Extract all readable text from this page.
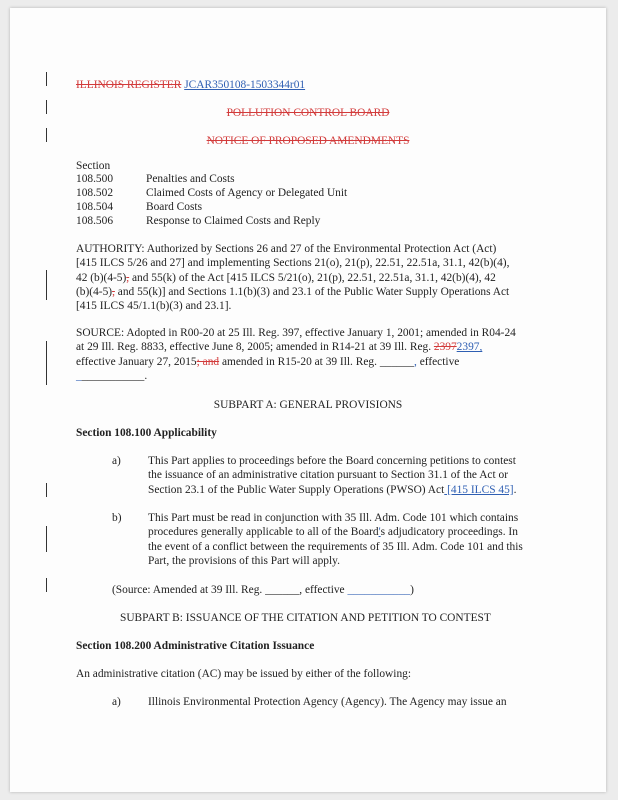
ILLINOIS REGISTER JCAR350108-1503344r01
POLLUTION CONTROL BOARD
NOTICE OF PROPOSED AMENDMENTS
Section
108.500	Penalties and Costs
108.502	Claimed Costs of Agency or Delegated Unit
108.504	Board Costs
108.506	Response to Claimed Costs and Reply
AUTHORITY: Authorized by Sections 26 and 27 of the Environmental Protection Act (Act)
[415 ILCS 5/26 and 27] and implementing Sections 21(o), 21(p), 22.51, 22.51a, 31.1, 42(b)(4),
42 (b)(4-5), and 55(k) of the Act [415 ILCS 5/21(o), 21(p), 22.51, 22.51a, 31.1, 42(b)(4), 42
(b)(4-5), and 55(k)] and Sections 1.1(b)(3) and 23.1 of the Public Water Supply Operations Act
[415 ILCS 45/1.1(b)(3) and 23.1].
SOURCE: Adopted in R00-20 at 25 Ill. Reg. 397, effective January 1, 2001; amended in R04-24
at 29 Ill. Reg. 8833, effective June 8, 2005; amended in R14-21 at 39 Ill. Reg. 23972397,
effective January 27, 2015; and amended in R15-20 at 39 Ill. Reg. ______, effective
____________.
SUBPART A: GENERAL PROVISIONS
Section 108.100 Applicability
a) This Part applies to proceedings before the Board concerning petitions to contest
the issuance of an administrative citation pursuant to Section 31.1 of the Act or
Section 23.1 of the Public Water Supply Operations (PWSO) Act [415 ILCS 45].
b) This Part must be read in conjunction with 35 Ill. Adm. Code 101 which contains
procedures generally applicable to all of the Board's adjudicatory proceedings. In
the event of a conflict between the requirements of 35 Ill. Adm. Code 101 and this
Part, the provisions of this Part will apply.
(Source: Amended at 39 Ill. Reg. ______, effective ___________)
SUBPART B: ISSUANCE OF THE CITATION AND PETITION TO CONTEST
Section 108.200 Administrative Citation Issuance
An administrative citation (AC) may be issued by either of the following:
a) Illinois Environmental Protection Agency (Agency). The Agency may issue an
